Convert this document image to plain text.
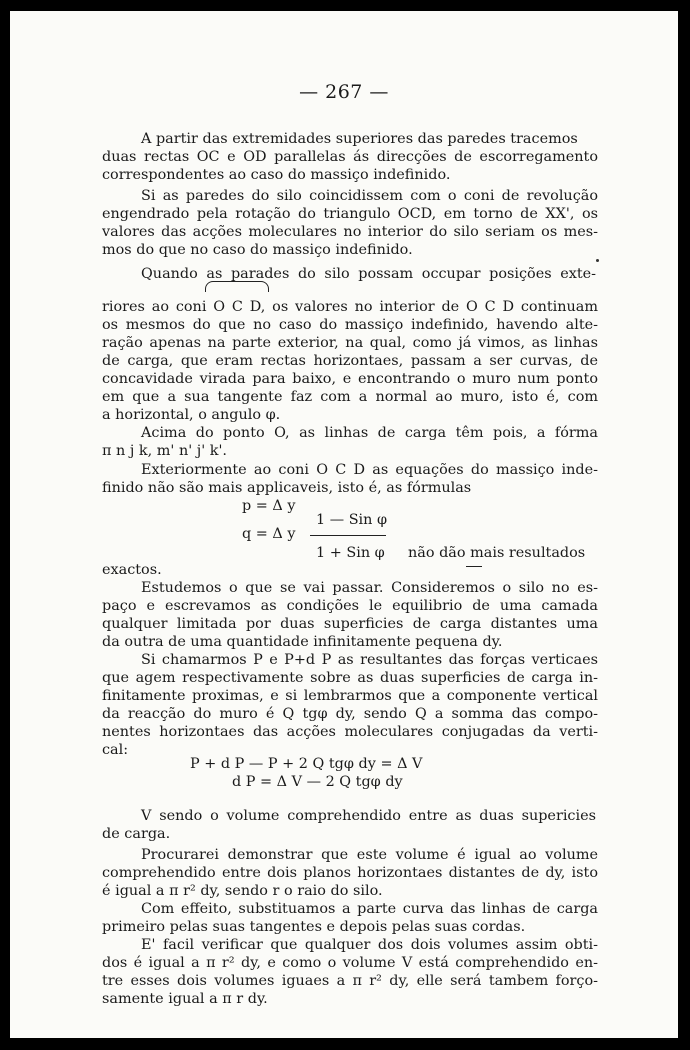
— 267 —
A partir das extremidades superiores das paredes tracemos
duas rectas OC e OD parallelas ás direcções de escorregamento
correspondentes ao caso do massiço indefinido.
Si as paredes do silo coincidissem com o coni de revolução
engendrado pela rotação do triangulo OCD, em torno de XX', os
valores das acções moleculares no interior do silo seriam os mes-
mos do que no caso do massiço indefinido.
Quando as parades do silo possam occupar posições exte-
riores ao coni O C D, os valores no interior de O C D continuam
os mesmos do que no caso do massiço indefinido, havendo alte-
ração apenas na parte exterior, na qual, como já vimos, as linhas
de carga, que eram rectas horizontaes, passam a ser curvas, de
concavidade virada para baixo, e encontrando o muro num ponto
em que a sua tangente faz com a normal ao muro, isto é, com
a horizontal, o angulo φ.
Acima do ponto O, as linhas de carga têm pois, a fórma
π n j k, m' n' j' k'.
Exteriormente ao coni O C D as equações do massiço inde-
finido não são mais applicaveis, isto é, as fórmulas
p = Δ y
1 — Sin φ
q = Δ y
1 + Sin φ não dão mais resultados
exactos.
Estudemos o que se vai passar. Consideremos o silo no es-
paço e escrevamos as condições le equilibrio de uma camada
qualquer limitada por duas superficies de carga distantes uma
da outra de uma quantidade infinitamente pequena dy.
Si chamarmos P e P+d P as resultantes das forças verticaes
que agem respectivamente sobre as duas superficies de carga in-
finitamente proximas, e si lembrarmos que a componente vertical
da reacção do muro é Q tgφ dy, sendo Q a somma das compo-
nentes horizontaes das acções moleculares conjugadas da verti-
cal:
P + d P — P + 2 Q tgφ dy = Δ V
d P = Δ V — 2 Q tgφ dy
V sendo o volume comprehendido entre as duas supericies
de carga.
Procurarei demonstrar que este volume é igual ao volume
comprehendido entre dois planos horizontaes distantes de dy, isto
é igual a π r² dy, sendo r o raio do silo.
Com effeito, substituamos a parte curva das linhas de carga
primeiro pelas suas tangentes e depois pelas suas cordas.
E' facil verificar que qualquer dos dois volumes assim obti-
dos é igual a π r² dy, e como o volume V está comprehendido en-
tre esses dois volumes iguaes a π r² dy, elle será tambem forço-
samente igual a π r dy.
